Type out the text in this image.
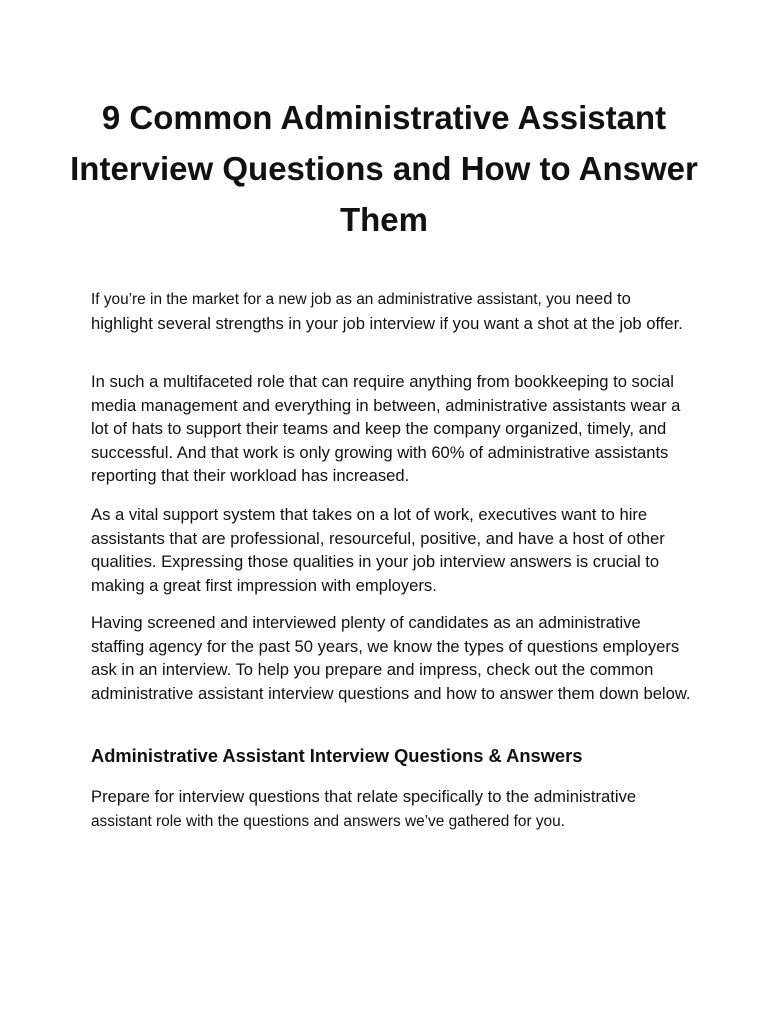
9 Common Administrative Assistant Interview Questions and How to Answer Them

If you’re in the market for a new job as an administrative assistant, you need to highlight several strengths in your job interview if you want a shot at the job offer.

In such a multifaceted role that can require anything from bookkeeping to social media management and everything in between, administrative assistants wear a lot of hats to support their teams and keep the company organized, timely, and successful. And that work is only growing with 60% of administrative assistants reporting that their workload has increased.

As a vital support system that takes on a lot of work, executives want to hire assistants that are professional, resourceful, positive, and have a host of other qualities. Expressing those qualities in your job interview answers is crucial to making a great first impression with employers.

Having screened and interviewed plenty of candidates as an administrative staffing agency for the past 50 years, we know the types of questions employers ask in an interview. To help you prepare and impress, check out the common administrative assistant interview questions and how to answer them down below.

Administrative Assistant Interview Questions & Answers

Prepare for interview questions that relate specifically to the administrative assistant role with the questions and answers we’ve gathered for you.
